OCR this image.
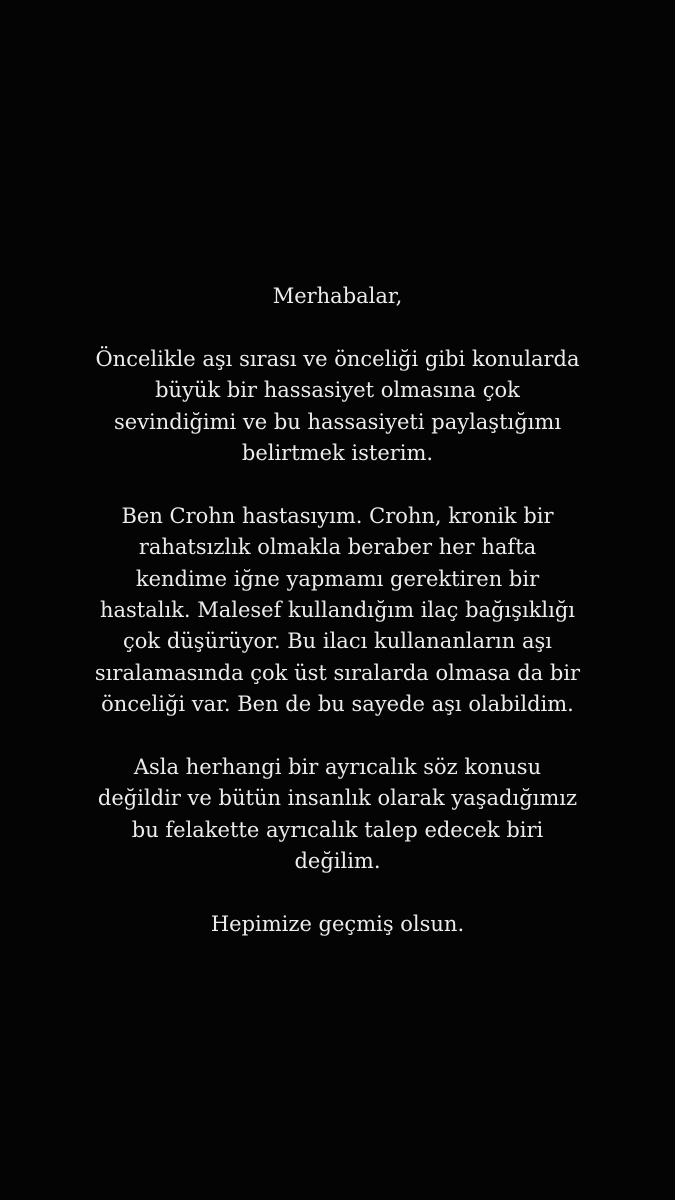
Merhabalar,

Öncelikle aşı sırası ve önceliği gibi konularda
büyük bir hassasiyet olmasına çok
sevindiğimi ve bu hassasiyeti paylaştığımı
belirtmek isterim.

Ben Crohn hastasıyım. Crohn, kronik bir
rahatsızlık olmakla beraber her hafta
kendime iğne yapmamı gerektiren bir
hastalık. Malesef kullandığım ilaç bağışıklığı
çok düşürüyor. Bu ilacı kullananların aşı
sıralamasında çok üst sıralarda olmasa da bir
önceliği var. Ben de bu sayede aşı olabildim.

Asla herhangi bir ayrıcalık söz konusu
değildir ve bütün insanlık olarak yaşadığımız
bu felakette ayrıcalık talep edecek biri
değilim.

Hepimize geçmiş olsun.
